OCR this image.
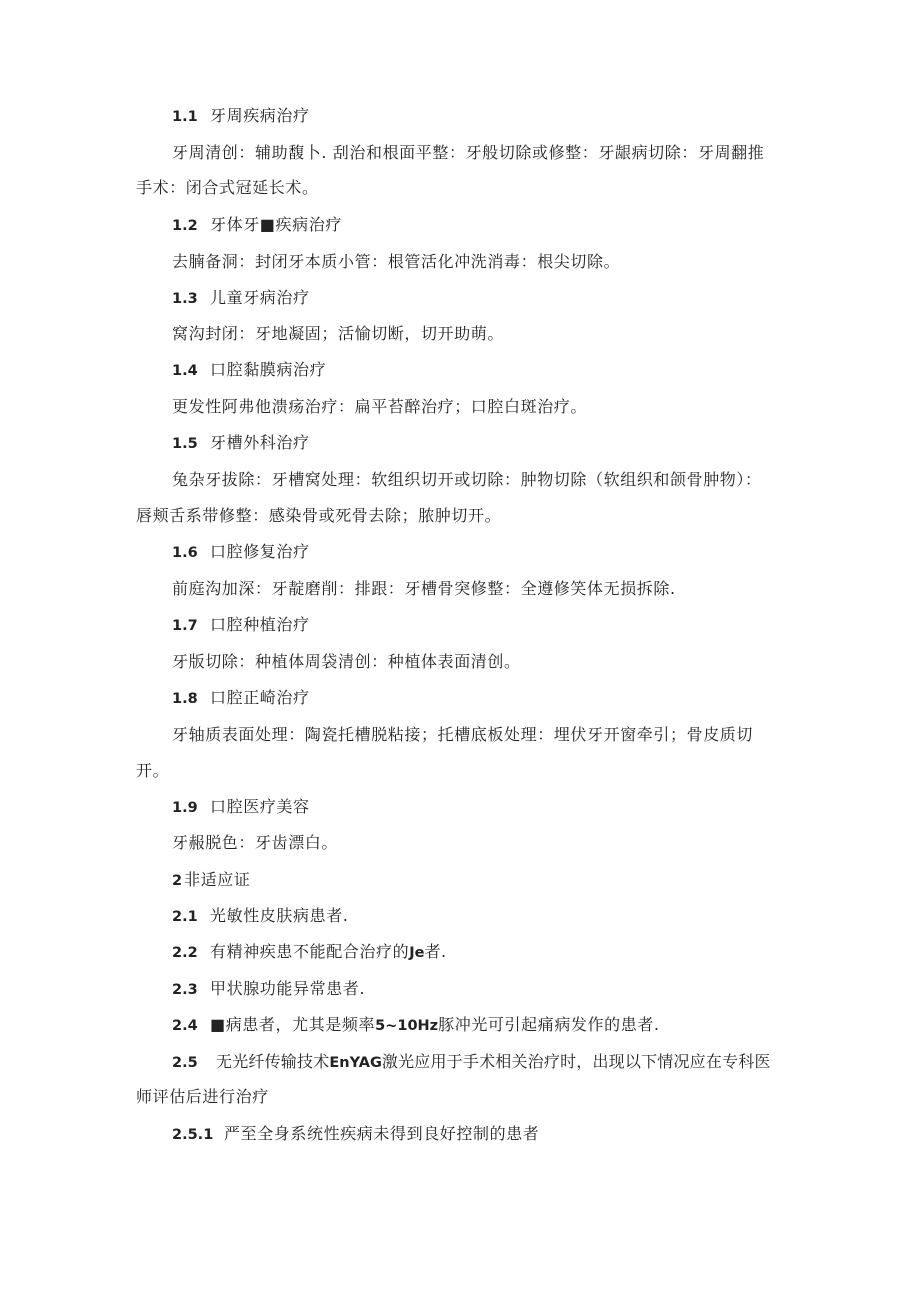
1.1 牙周疾病治疗
牙周清创：辅助馥卜. 刮治和根面平整：牙般切除或修整：牙龈病切除：牙周翻推
手术：闭合式冠延长术。
1.2 牙体牙■疾病治疗
去腩备洞：封闭牙本质小管：根管活化冲洗消毒：根尖切除。
1.3 儿童牙病治疗
窝沟封闭：牙地凝固；活愉切断，切开助萌。
1.4 口腔黏膜病治疗
更发性阿弗他溃疡治疗：扁平苔醉治疗；口腔白斑治疗。
1.5 牙槽外科治疗
兔杂牙拔除：牙槽窝处理：软组织切开或切除：肿物切除（软组织和颌骨肿物）：
唇颊舌系带修整：感染骨或死骨去除；脓肿切开。
1.6 口腔修复治疗
前庭沟加深：牙靛磨削：排跟：牙槽骨突修整：全遵修笑体无损拆除.
1.7 口腔种植治疗
牙版切除：种植体周袋清创：种植体表面清创。
1.8 口腔正崎治疗
牙轴质表面处理：陶瓷托槽脱粘接；托槽底板处理：埋伏牙开窗牵引；骨皮质切
开。
1.9 口腔医疗美容
牙赧脱色：牙齿漂白。
2 非适应证
2.1 光敏性皮肤病患者.
2.2 有精神疾患不能配合治疗的Je者.
2.3 甲状腺功能异常患者.
2.4 ■病患者，尤其是频率5~10Hz豚冲光可引起痛病发作的患者.
2.5 无光纤传输技术EnYAG激光应用于手术相关治疗时，出现以下情况应在专科医
师评估后进行治疗
2.5.1 严至全身系统性疾病未得到良好控制的患者
